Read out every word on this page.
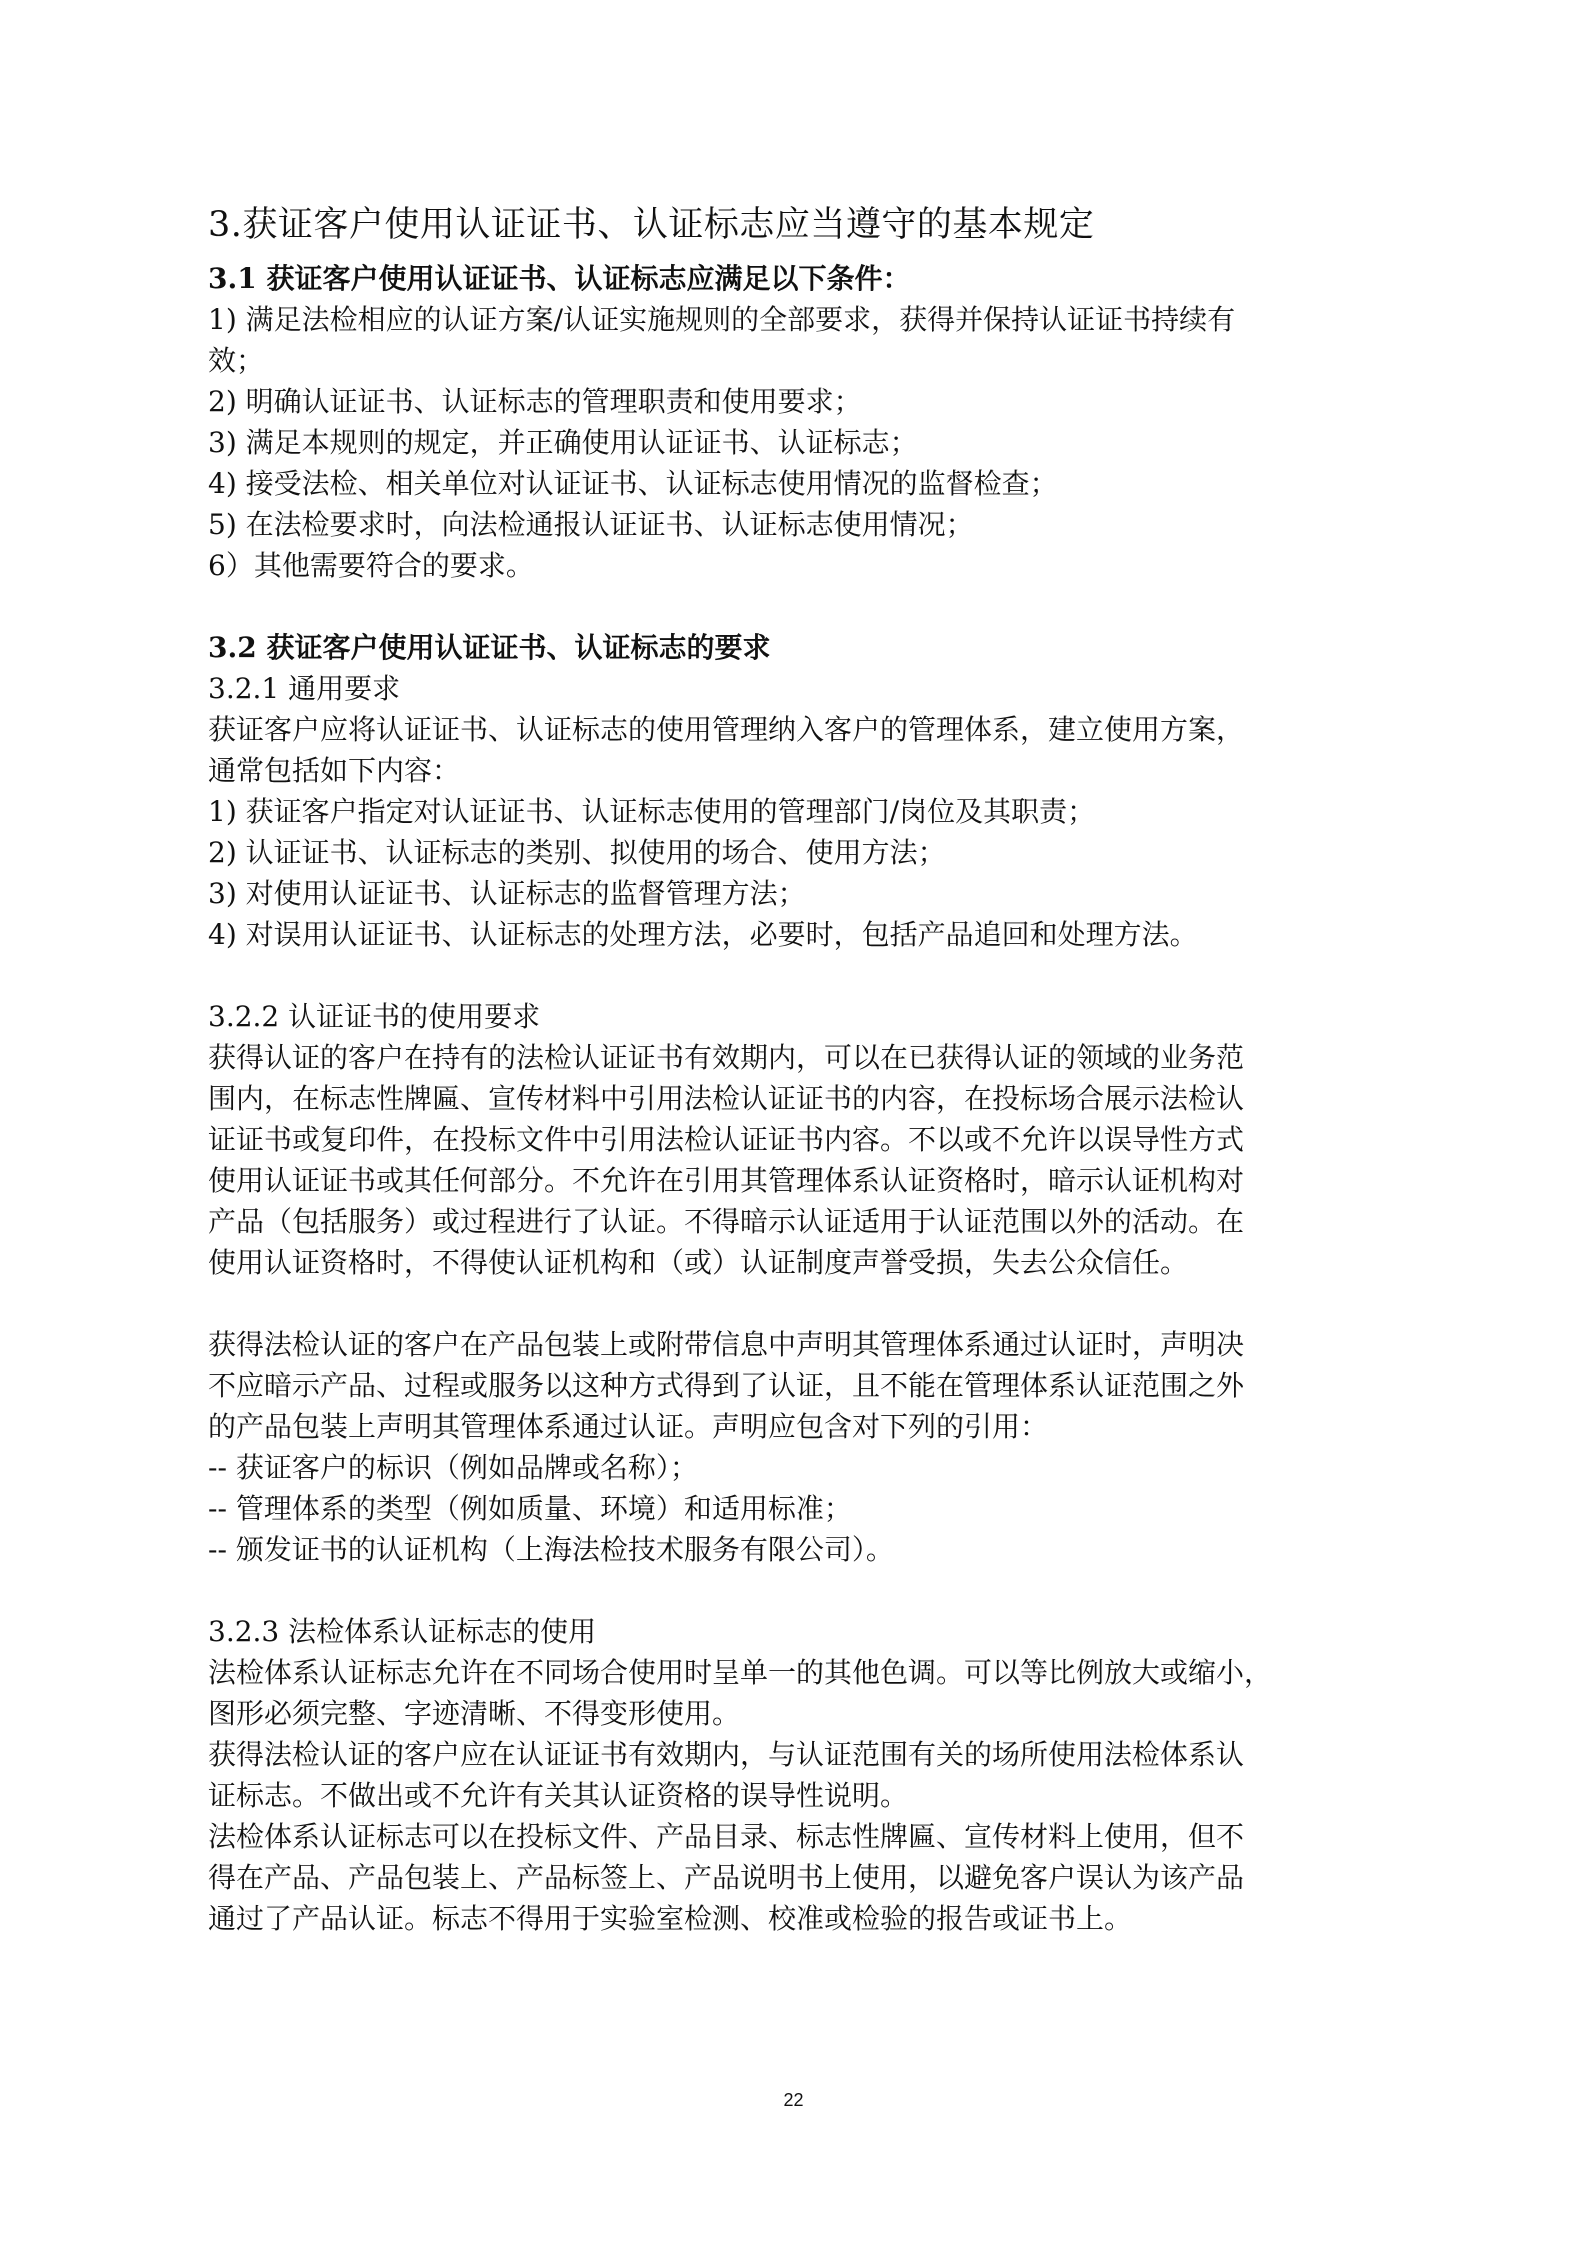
3.获证客户使用认证证书、认证标志应当遵守的基本规定
3.1 获证客户使用认证证书、认证标志应满足以下条件：
1) 满足法检相应的认证方案/认证实施规则的全部要求，获得并保持认证证书持续有
效；
2) 明确认证证书、认证标志的管理职责和使用要求；
3) 满足本规则的规定，并正确使用认证证书、认证标志；
4) 接受法检、相关单位对认证证书、认证标志使用情况的监督检查；
5) 在法检要求时，向法检通报认证证书、认证标志使用情况；
6）其他需要符合的要求。
3.2 获证客户使用认证证书、认证标志的要求
3.2.1 通用要求
获证客户应将认证证书、认证标志的使用管理纳入客户的管理体系，建立使用方案，
通常包括如下内容：
1) 获证客户指定对认证证书、认证标志使用的管理部门/岗位及其职责；
2) 认证证书、认证标志的类别、拟使用的场合、使用方法；
3) 对使用认证证书、认证标志的监督管理方法；
4) 对误用认证证书、认证标志的处理方法，必要时，包括产品追回和处理方法。
3.2.2 认证证书的使用要求
获得认证的客户在持有的法检认证证书有效期内，可以在已获得认证的领域的业务范
围内，在标志性牌匾、宣传材料中引用法检认证证书的内容，在投标场合展示法检认
证证书或复印件，在投标文件中引用法检认证证书内容。不以或不允许以误导性方式
使用认证证书或其任何部分。不允许在引用其管理体系认证资格时，暗示认证机构对
产品（包括服务）或过程进行了认证。不得暗示认证适用于认证范围以外的活动。在
使用认证资格时，不得使认证机构和（或）认证制度声誉受损，失去公众信任。
获得法检认证的客户在产品包装上或附带信息中声明其管理体系通过认证时，声明决
不应暗示产品、过程或服务以这种方式得到了认证，且不能在管理体系认证范围之外
的产品包装上声明其管理体系通过认证。声明应包含对下列的引用：
-- 获证客户的标识（例如品牌或名称）；
-- 管理体系的类型（例如质量、环境）和适用标准；
-- 颁发证书的认证机构（上海法检技术服务有限公司）。
3.2.3 法检体系认证标志的使用
法检体系认证标志允许在不同场合使用时呈单一的其他色调。可以等比例放大或缩小，
图形必须完整、字迹清晰、不得变形使用。
获得法检认证的客户应在认证证书有效期内，与认证范围有关的场所使用法检体系认
证标志。不做出或不允许有关其认证资格的误导性说明。
法检体系认证标志可以在投标文件、产品目录、标志性牌匾、宣传材料上使用，但不
得在产品、产品包装上、产品标签上、产品说明书上使用，以避免客户误认为该产品
通过了产品认证。标志不得用于实验室检测、校准或检验的报告或证书上。
22
